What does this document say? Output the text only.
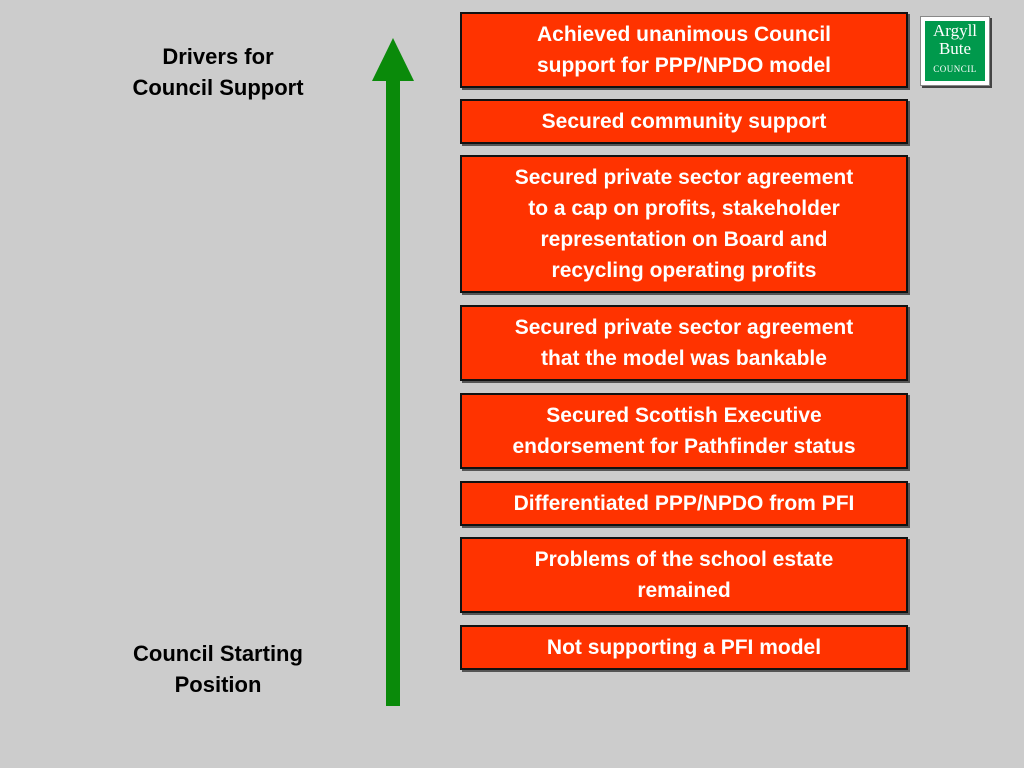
Drivers for
Council Support
Council Starting
Position
Achieved unanimous Council
support for PPP/NPDO model
Secured community support
Secured private sector agreement
to a cap on profits, stakeholder
representation on Board and
recycling operating profits
Secured private sector agreement
that the model was bankable
Secured Scottish Executive
endorsement for Pathfinder status
Differentiated PPP/NPDO from PFI
Problems of the school estate
remained
Not supporting a PFI model
Argyll
Bute
COUNCIL
